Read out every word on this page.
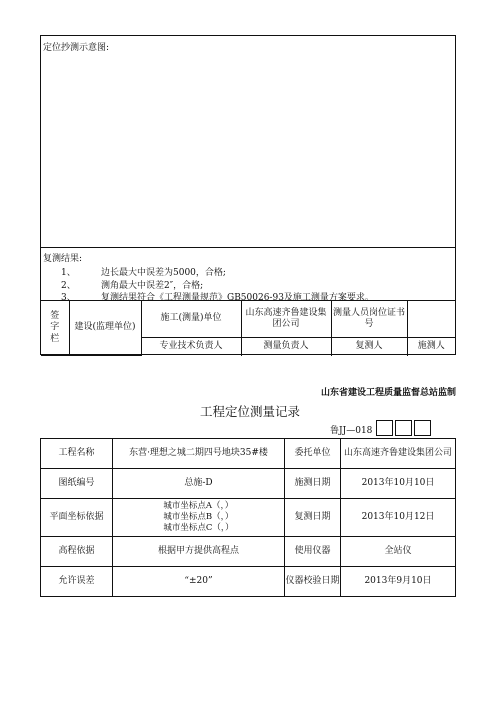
定位抄测示意图:
复测结果:
1、	边长最大中误差为5000，合格;
2、	测角最大中误差2″，合格;
3、	复测结果符合《工程测量规范》GB50026-93及施工测量方案要求。
签字栏	建设(监理单位)	施工(测量)单位	山东高速齐鲁建设集团公司	测量人员岗位证书号	
		专业技术负责人	测量负责人	复测人	施测人
山东省建设工程质量监督总站监制
工程定位测量记录
鲁JJ—018
工程名称	东营·理想之城二期四号地块35#楼	委托单位	山东高速齐鲁建设集团公司
图纸编号	总施-D	施测日期	2013年10月10日
平面坐标依据	城市坐标点A（，）
城市坐标点B（，）
城市坐标点C（，）	复测日期	2013年10月12日
高程依据	根据甲方提供高程点	使用仪器	全站仪
允许误差	“±20”	仪器校验日期	2013年9月10日
